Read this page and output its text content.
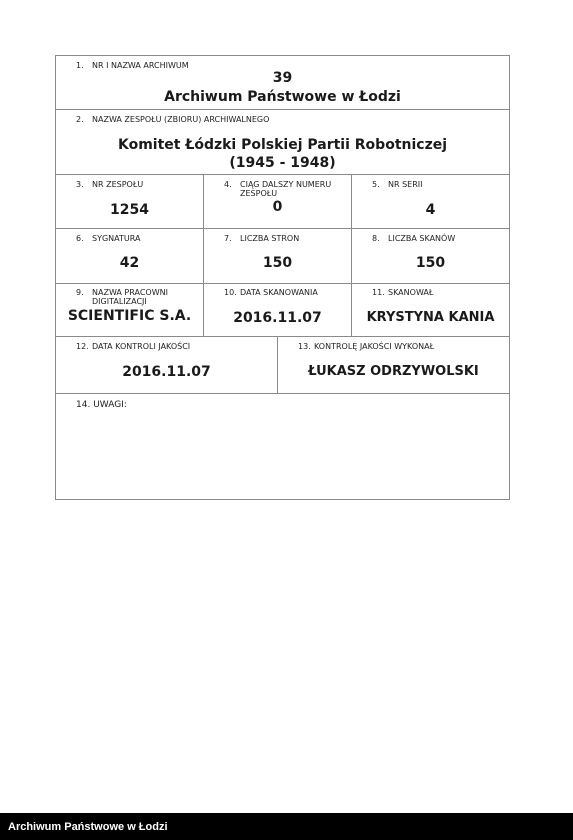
1. NR I NAZWA ARCHIWUM
39
Archiwum Państwowe w Łodzi
2. NAZWA ZESPOŁU (ZBIORU) ARCHIWALNEGO
Komitet Łódzki Polskiej Partii Robotniczej
(1945 - 1948)
3. NR ZESPOŁU
1254
4. CIĄG DALSZY NUMERU
ZESPOŁU
0
5. NR SERII
4
6. SYGNATURA
42
7. LICZBA STRON
150
8. LICZBA SKANÓW
150
9. NAZWA PRACOWNI
DIGITALIZACJI
SCIENTIFIC S.A.
10. DATA SKANOWANIA
2016.11.07
11. SKANOWAŁ
KRYSTYNA KANIA
12. DATA KONTROLI JAKOŚCI
2016.11.07
13. KONTROLĘ JAKOŚCI WYKONAŁ
ŁUKASZ ODRZYWOLSKI
14. UWAGI:
Archiwum Państwowe w Łodzi
